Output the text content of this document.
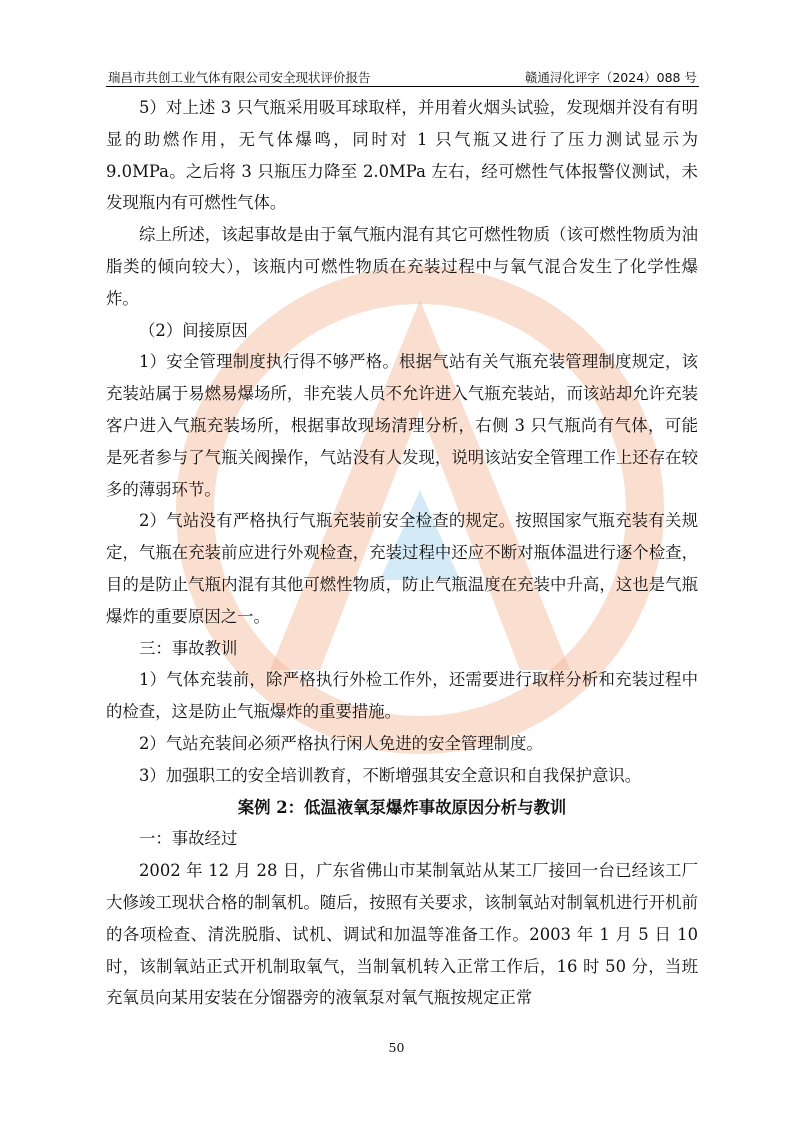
瑞昌市共创工业气体有限公司安全现状评价报告	赣通浔化评字（2024）088 号

5）对上述 3 只气瓶采用吸耳球取样，并用着火烟头试验，发现烟并没有有明显的助燃作用，无气体爆鸣，同时对 1 只气瓶又进行了压力测试显示为 9.0MPa。之后将 3 只瓶压力降至 2.0MPa 左右，经可燃性气体报警仪测试，未发现瓶内有可燃性气体。

综上所述，该起事故是由于氧气瓶内混有其它可燃性物质（该可燃性物质为油脂类的倾向较大），该瓶内可燃性物质在充装过程中与氧气混合发生了化学性爆炸。

（2）间接原因

1）安全管理制度执行得不够严格。根据气站有关气瓶充装管理制度规定，该充装站属于易燃易爆场所，非充装人员不允许进入气瓶充装站，而该站却允许充装客户进入气瓶充装场所，根据事故现场清理分析，右侧 3 只气瓶尚有气体，可能是死者参与了气瓶关阀操作，气站没有人发现，说明该站安全管理工作上还存在较多的薄弱环节。

2）气站没有严格执行气瓶充装前安全检查的规定。按照国家气瓶充装有关规定，气瓶在充装前应进行外观检查，充装过程中还应不断对瓶体温进行逐个检查，目的是防止气瓶内混有其他可燃性物质，防止气瓶温度在充装中升高，这也是气瓶爆炸的重要原因之一。

三：事故教训

1）气体充装前，除严格执行外检工作外，还需要进行取样分析和充装过程中的检查，这是防止气瓶爆炸的重要措施。

2）气站充装间必须严格执行闲人免进的安全管理制度。

3）加强职工的安全培训教育，不断增强其安全意识和自我保护意识。

案例 2：低温液氧泵爆炸事故原因分析与教训

一：事故经过

2002 年 12 月 28 日，广东省佛山市某制氧站从某工厂接回一台已经该工厂大修竣工现状合格的制氧机。随后，按照有关要求，该制氧站对制氧机进行开机前的各项检查、清洗脱脂、试机、调试和加温等准备工作。2003 年 1 月 5 日 10 时，该制氧站正式开机制取氧气，当制氧机转入正常工作后，16 时 50 分，当班充氧员向某用安装在分馏器旁的液氧泵对氧气瓶按规定正常

50
